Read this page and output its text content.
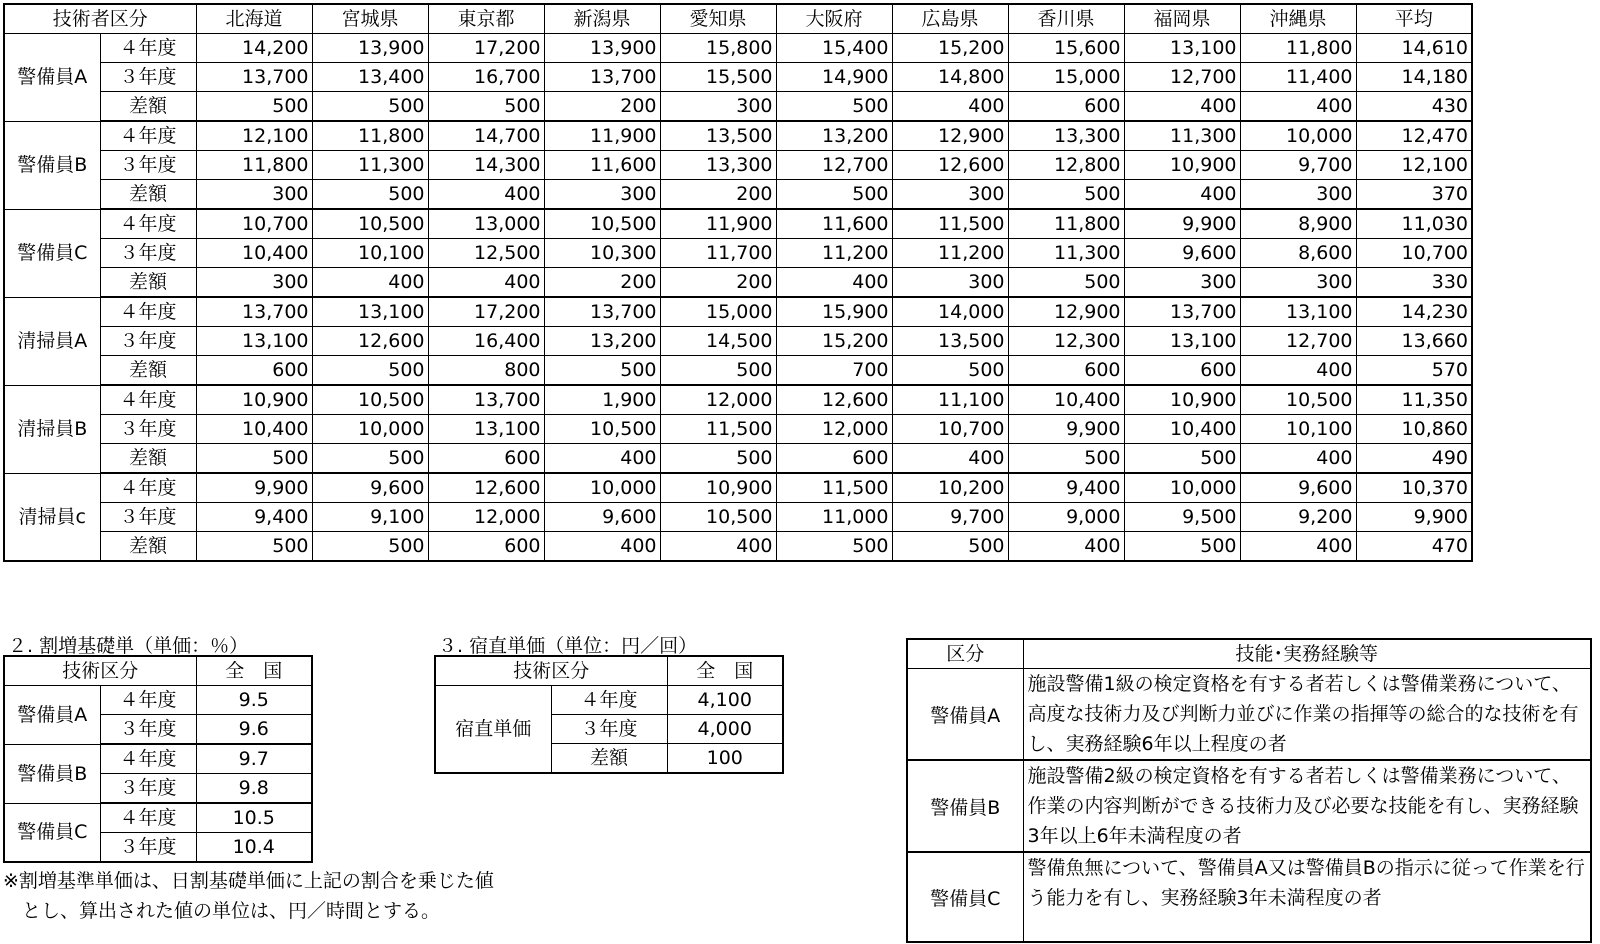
技術者区分		北海道	宮城県	東京都	新潟県	愛知県	大阪府	広島県	香川県	福岡県	沖縄県	平均
警備員A	４年度	14,200	13,900	17,200	13,900	15,800	15,400	15,200	15,600	13,100	11,800	14,610
	３年度	13,700	13,400	16,700	13,700	15,500	14,900	14,800	15,000	12,700	11,400	14,180
	差額	500	500	500	200	300	500	400	600	400	400	430
警備員B	４年度	12,100	11,800	14,700	11,900	13,500	13,200	12,900	13,300	11,300	10,000	12,470
	３年度	11,800	11,300	14,300	11,600	13,300	12,700	12,600	12,800	10,900	9,700	12,100
	差額	300	500	400	300	200	500	300	500	400	300	370
警備員C	４年度	10,700	10,500	13,000	10,500	11,900	11,600	11,500	11,800	9,900	8,900	11,030
	３年度	10,400	10,100	12,500	10,300	11,700	11,200	11,200	11,300	9,600	8,600	10,700
	差額	300	400	400	200	200	400	300	500	300	300	330
清掃員A	４年度	13,700	13,100	17,200	13,700	15,000	15,900	14,000	12,900	13,700	13,100	14,230
	３年度	13,100	12,600	16,400	13,200	14,500	15,200	13,500	12,300	13,100	12,700	13,660
	差額	600	500	800	500	500	700	500	600	600	400	570
清掃員B	４年度	10,900	10,500	13,700	1,900	12,000	12,600	11,100	10,400	10,900	10,500	11,350
	３年度	10,400	10,000	13,100	10,500	11,500	12,000	10,700	9,900	10,400	10,100	10,860
	差額	500	500	600	400	500	600	400	500	500	400	490
清掃員c	４年度	9,900	9,600	12,600	10,000	10,900	11,500	10,200	9,400	10,000	9,600	10,370
	３年度	9,400	9,100	12,000	9,600	10,500	11,000	9,700	9,000	9,500	9,200	9,900
	差額	500	500	600	400	400	500	500	400	500	400	470
２. 割増基礎単（単価：％）
技術区分		全　国
警備員A	４年度	9.5
	３年度	9.6
警備員B	４年度	9.7
	３年度	9.8
警備員C	４年度	10.5
	３年度	10.4
※割増基準単価は、日割基礎単価に上記の割合を乗じた値
　とし、算出された値の単位は、円／時間とする。
３. 宿直単価（単位：円／回）
技術区分		全　国
宿直単価	４年度	4,100
	３年度	4,000
	差額	100
区分	技能･実務経験等
警備員A	施設警備1級の検定資格を有する者若しくは警備業務について、高度な技術力及び判断力並びに作業の指揮等の総合的な技術を有し、実務経験6年以上程度の者
警備員B	施設警備2級の検定資格を有する者若しくは警備業務について、作業の内容判断ができる技術力及び必要な技能を有し、実務経験3年以上6年未満程度の者
警備員C	警備魚無について、警備員A又は警備員Bの指示に従って作業を行う能力を有し、実務経験3年未満程度の者
